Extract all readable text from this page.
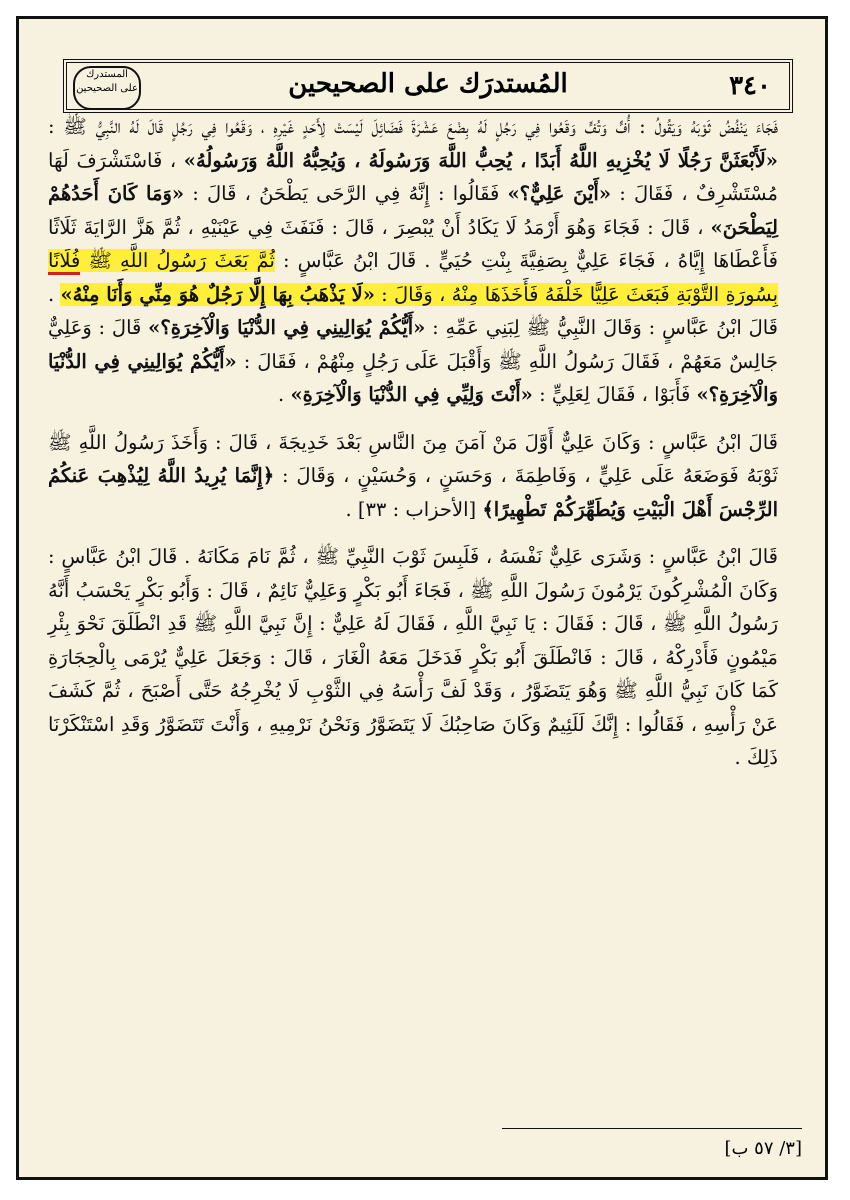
٣٤٠
المُستدرَك على الصحيحين
المستدرك
على الصحيحين

فَجَاءَ يَنْفُضُ ثَوْبَهُ وَيَقُولُ : أُفٍّ وَتُفٍّ وَقَعُوا فِي رَجُلٍ لَهُ بِضْعَ عَشْرَةَ فَضَائِلَ لَيْسَتْ لِأَحَدٍ غَيْرِهِ ، وَقَعُوا فِي رَجُلٍ قَالَ لَهُ النَّبِيُّ ﷺ : «لَأَبْعَثَنَّ رَجُلًا لَا يُخْزِيهِ اللَّهُ أَبَدًا ، يُحِبُّ اللَّهَ وَرَسُولَهُ ، وَيُحِبُّهُ اللَّهُ وَرَسُولُهُ» ، فَاسْتَشْرَفَ لَهَا مُسْتَشْرِفٌ ، فَقَالَ : «أَيْنَ عَلِيٌّ؟» فَقَالُوا : إِنَّهُ فِي الرَّحَى يَطْحَنُ ، قَالَ : «وَمَا كَانَ أَحَدُهُمْ لِيَطْحَنَ» ، قَالَ : فَجَاءَ وَهُوَ أَرْمَدُ لَا يَكَادُ أَنْ يُبْصِرَ ، قَالَ : فَنَفَثَ فِي عَيْنَيْهِ ، ثُمَّ هَزَّ الرَّايَةَ ثَلَاثًا فَأَعْطَاهَا إِيَّاهُ ، فَجَاءَ عَلِيٌّ بِصَفِيَّةَ بِنْتِ حُيَيٍّ . قَالَ ابْنُ عَبَّاسٍ : ثُمَّ بَعَثَ رَسُولُ اللَّهِ ﷺ فُلَانًا بِسُورَةِ التَّوْبَةِ فَبَعَثَ عَلِيًّا خَلْفَهُ فَأَخَذَهَا مِنْهُ ، وَقَالَ : «لَا يَذْهَبُ بِهَا إِلَّا رَجُلٌ هُوَ مِنِّي وَأَنَا مِنْهُ» . قَالَ ابْنُ عَبَّاسٍ : وَقَالَ النَّبِيُّ ﷺ لِبَنِي عَمِّهِ : «أَيُّكُمْ يُوَالِينِي فِي الدُّنْيَا وَالْآخِرَةِ؟» قَالَ : وَعَلِيٌّ جَالِسٌ مَعَهُمْ ، فَقَالَ رَسُولُ اللَّهِ ﷺ وَأَقْبَلَ عَلَى رَجُلٍ مِنْهُمْ ، فَقَالَ : «أَيُّكُمْ يُوَالِينِي فِي الدُّنْيَا وَالْآخِرَةِ؟» فَأَبَوْا ، فَقَالَ لِعَلِيٍّ : «أَنْتَ وَلِيِّي فِي الدُّنْيَا وَالْآخِرَةِ» .

قَالَ ابْنُ عَبَّاسٍ : وَكَانَ عَلِيٌّ أَوَّلَ مَنْ آمَنَ مِنَ النَّاسِ بَعْدَ خَدِيجَةَ ، قَالَ : وَأَخَذَ رَسُولُ اللَّهِ ﷺ ثَوْبَهُ فَوَضَعَهُ عَلَى عَلِيٍّ ، وَفَاطِمَةَ ، وَحَسَنٍ ، وَحُسَيْنٍ ، وَقَالَ : ﴿إِنَّمَا يُرِيدُ اللَّهُ لِيُذْهِبَ عَنكُمُ الرِّجْسَ أَهْلَ الْبَيْتِ وَيُطَهِّرَكُمْ تَطْهِيرًا﴾ [الأحزاب : ٣٣] .

قَالَ ابْنُ عَبَّاسٍ : وَشَرَى عَلِيٌّ نَفْسَهُ ، فَلَبِسَ ثَوْبَ النَّبِيِّ ﷺ ، ثُمَّ نَامَ مَكَانَهُ . قَالَ ابْنُ عَبَّاسٍ : وَكَانَ الْمُشْرِكُونَ يَرْمُونَ رَسُولَ اللَّهِ ﷺ ، فَجَاءَ أَبُو بَكْرٍ وَعَلِيٌّ نَائِمٌ ، قَالَ : وَأَبُو بَكْرٍ يَحْسَبُ أَنَّهُ رَسُولُ اللَّهِ ﷺ ، قَالَ : فَقَالَ : يَا نَبِيَّ اللَّهِ ، فَقَالَ لَهُ عَلِيٌّ : إِنَّ نَبِيَّ اللَّهِ ﷺ قَدِ انْطَلَقَ نَحْوَ بِئْرِ مَيْمُونٍ فَأَدْرِكْهُ ، قَالَ : فَانْطَلَقَ أَبُو بَكْرٍ فَدَخَلَ مَعَهُ الْغَارَ ، قَالَ : وَجَعَلَ عَلِيٌّ يُرْمَى بِالْحِجَارَةِ كَمَا كَانَ نَبِيُّ اللَّهِ ﷺ وَهُوَ يَتَضَوَّرُ ، وَقَدْ لَفَّ رَأْسَهُ فِي الثَّوْبِ لَا يُخْرِجُهُ حَتَّى أَصْبَحَ ، ثُمَّ كَشَفَ عَنْ رَأْسِهِ ، فَقَالُوا : إِنَّكَ لَلَئِيمٌ وَكَانَ صَاحِبُكَ لَا يَتَضَوَّرُ وَنَحْنُ نَرْمِيهِ ، وَأَنْتَ تَتَضَوَّرُ وَقَدِ اسْتَنْكَرْنَا ذَلِكَ .

[٣/ ٥٧ ب]
